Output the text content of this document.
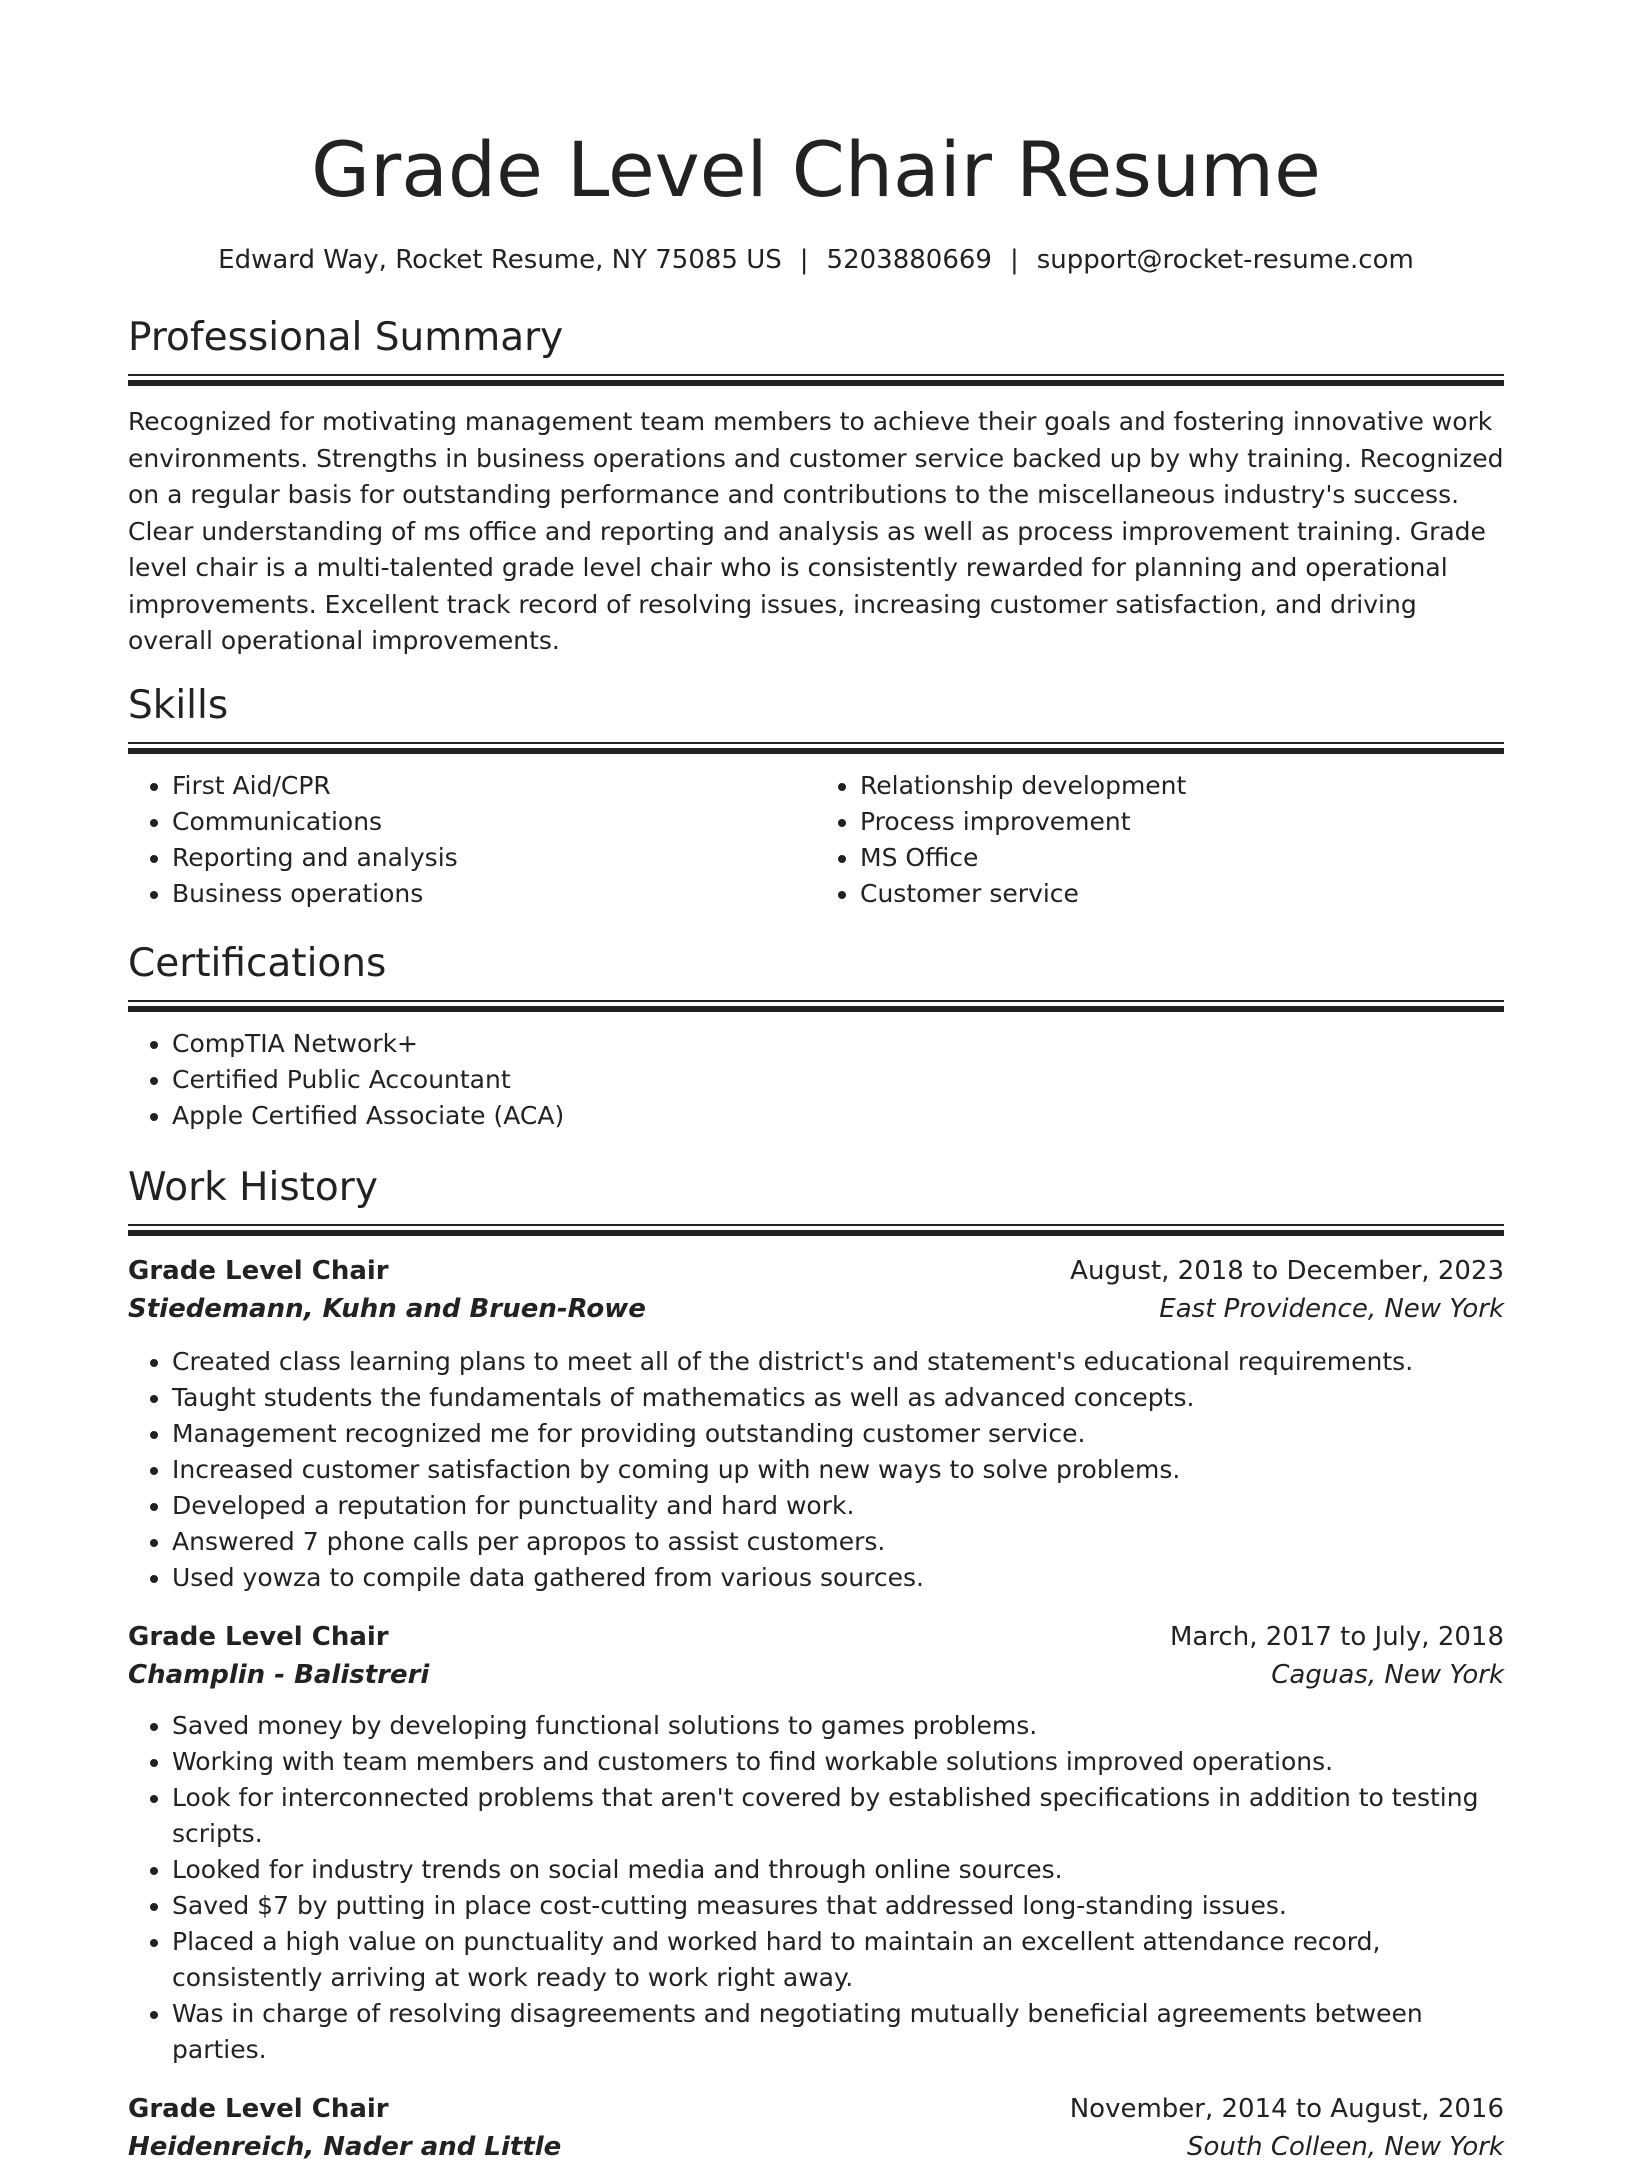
Grade Level Chair Resume
Edward Way, Rocket Resume, NY 75085 US | 5203880669 | support@rocket-resume.com
Professional Summary
Recognized for motivating management team members to achieve their goals and fostering innovative work environments. Strengths in business operations and customer service backed up by why training. Recognized on a regular basis for outstanding performance and contributions to the miscellaneous industry's success. Clear understanding of ms office and reporting and analysis as well as process improvement training. Grade level chair is a multi-talented grade level chair who is consistently rewarded for planning and operational improvements. Excellent track record of resolving issues, increasing customer satisfaction, and driving overall operational improvements.
Skills
• First Aid/CPR
• Communications
• Reporting and analysis
• Business operations
• Relationship development
• Process improvement
• MS Office
• Customer service
Certifications
• CompTIA Network+
• Certified Public Accountant
• Apple Certified Associate (ACA)
Work History
Grade Level Chair	August, 2018 to December, 2023
Stiedemann, Kuhn and Bruen-Rowe	East Providence, New York
• Created class learning plans to meet all of the district's and statement's educational requirements.
• Taught students the fundamentals of mathematics as well as advanced concepts.
• Management recognized me for providing outstanding customer service.
• Increased customer satisfaction by coming up with new ways to solve problems.
• Developed a reputation for punctuality and hard work.
• Answered 7 phone calls per apropos to assist customers.
• Used yowza to compile data gathered from various sources.
Grade Level Chair	March, 2017 to July, 2018
Champlin - Balistreri	Caguas, New York
• Saved money by developing functional solutions to games problems.
• Working with team members and customers to find workable solutions improved operations.
• Look for interconnected problems that aren't covered by established specifications in addition to testing scripts.
• Looked for industry trends on social media and through online sources.
• Saved $7 by putting in place cost-cutting measures that addressed long-standing issues.
• Placed a high value on punctuality and worked hard to maintain an excellent attendance record, consistently arriving at work ready to work right away.
• Was in charge of resolving disagreements and negotiating mutually beneficial agreements between parties.
Grade Level Chair	November, 2014 to August, 2016
Heidenreich, Nader and Little	South Colleen, New York
